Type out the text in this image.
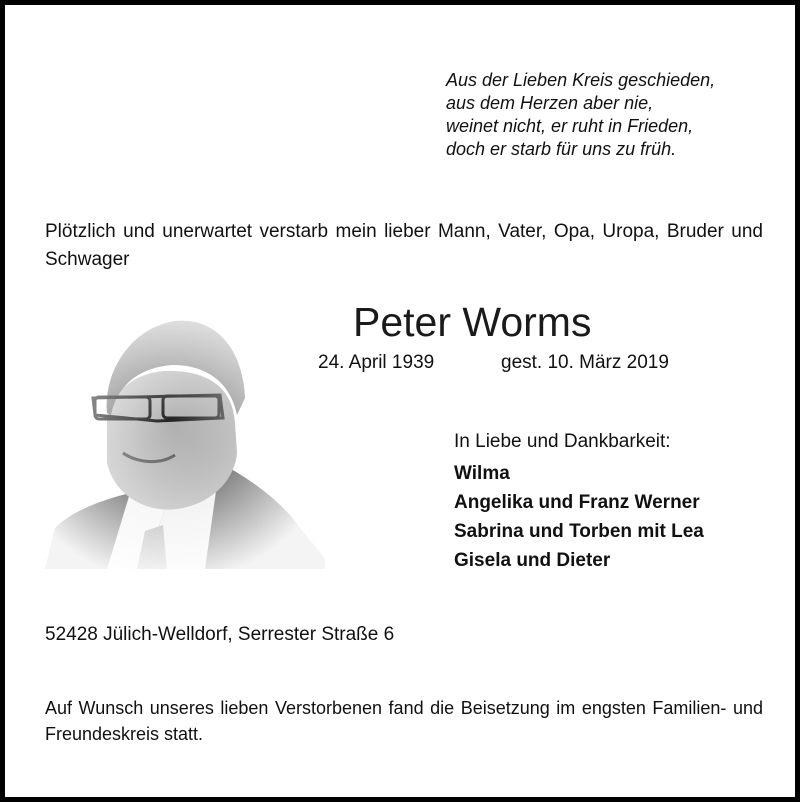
Aus der Lieben Kreis geschieden,
aus dem Herzen aber nie,
weinet nicht, er ruht in Frieden,
doch er starb für uns zu früh.
Plötzlich und unerwartet verstarb mein lieber Mann, Vater, Opa, Uropa, Bruder und Schwager
Peter Worms
24. April 1939	gest. 10. März 2019
In Liebe und Dankbarkeit:
Wilma
Angelika und Franz Werner
Sabrina und Torben mit Lea
Gisela und Dieter
52428 Jülich-Welldorf, Serrester Straße 6
Auf Wunsch unseres lieben Verstorbenen fand die Beisetzung im engsten Familien- und Freundeskreis statt.
